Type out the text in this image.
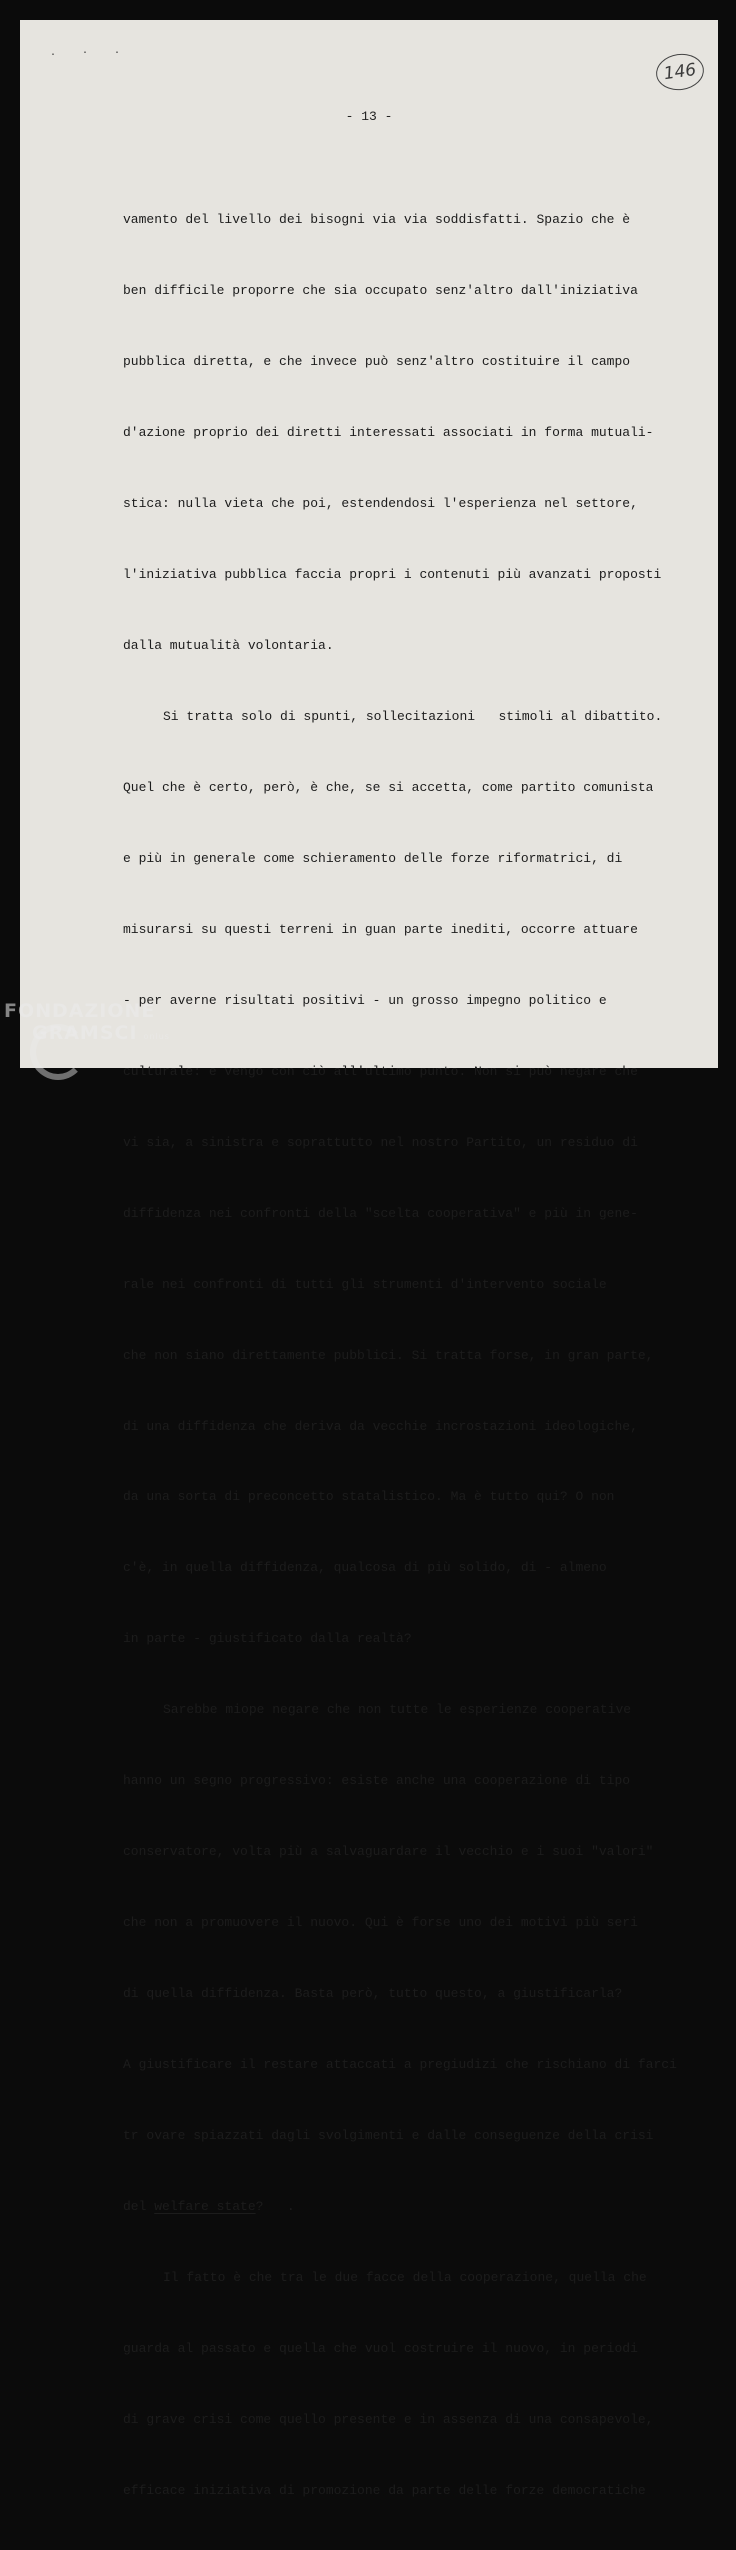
. · ·
146
- 13 -

vamento del livello dei bisogni via via soddisfatti. Spazio che è

ben difficile proporre che sia occupato senz'altro dall'iniziativa

pubblica diretta, e che invece può senz'altro costituire il campo

d'azione proprio dei diretti interessati associati in forma mutuali-

stica: nulla vieta che poi, estendendosi l'esperienza nel settore,

l'iniziativa pubblica faccia propri i contenuti più avanzati proposti

dalla mutualità volontaria.

Si tratta solo di spunti, sollecitazioni   stimoli al dibattito.

Quel che è certo, però, è che, se si accetta, come partito comunista

e più in generale come schieramento delle forze riformatrici, di

misurarsi su questi terreni in guan parte inediti, occorre attuare

- per averne risultati positivi - un grosso impegno politico e

culturale: e vengo con ciò all'ultimo punto. Non si può negare che

vi sia, a sinistra e soprattutto nel nostro Partito, un residuo di

diffidenza nei confronti della "scelta cooperativa" e più in gene-

rale nei confronti di tutti gli strumenti d'intervento sociale

che non siano direttamente pubblici. Si tratta forse, in gran parte,

di una diffidenza che deriva da vecchie incrostazioni ideologiche,

da una sorta di preconcetto statalistico. Ma è tutto qui? O non

c'è, in quella diffidenza, qualcosa di più solido, di - almeno

in parte - giustificato dalla realtà?

Sarebbe miope negare che non tutte le esperienze cooperative

hanno un segno progressivo: esiste anche una cooperazione di tipo

conservatore, volta più a salvaguardare il vecchio e i suoi "valori"

che non a promuovere il nuovo. Qui è forse uno dei motivi più seri

di quella diffidenza. Basta però, tutto questo, a giustificarla?

A giustificare il restare attaccati a pregiudizi che rischiano di farci

tr ovare spiazzati dagli svolgimenti e dalle conseguenze della crisi

del welfare state?   .

Il fatto è che tra le due facce della cooperazione, quella che

guarda al passato e quella che vuol costruire il nuovo, in periodi

di grave crisi come quello presente e in assenza di una consapevole,

efficace iniziativa di promozione da parte delle forze democratiche

FONDAZIONE
GRAMSCI onlus
